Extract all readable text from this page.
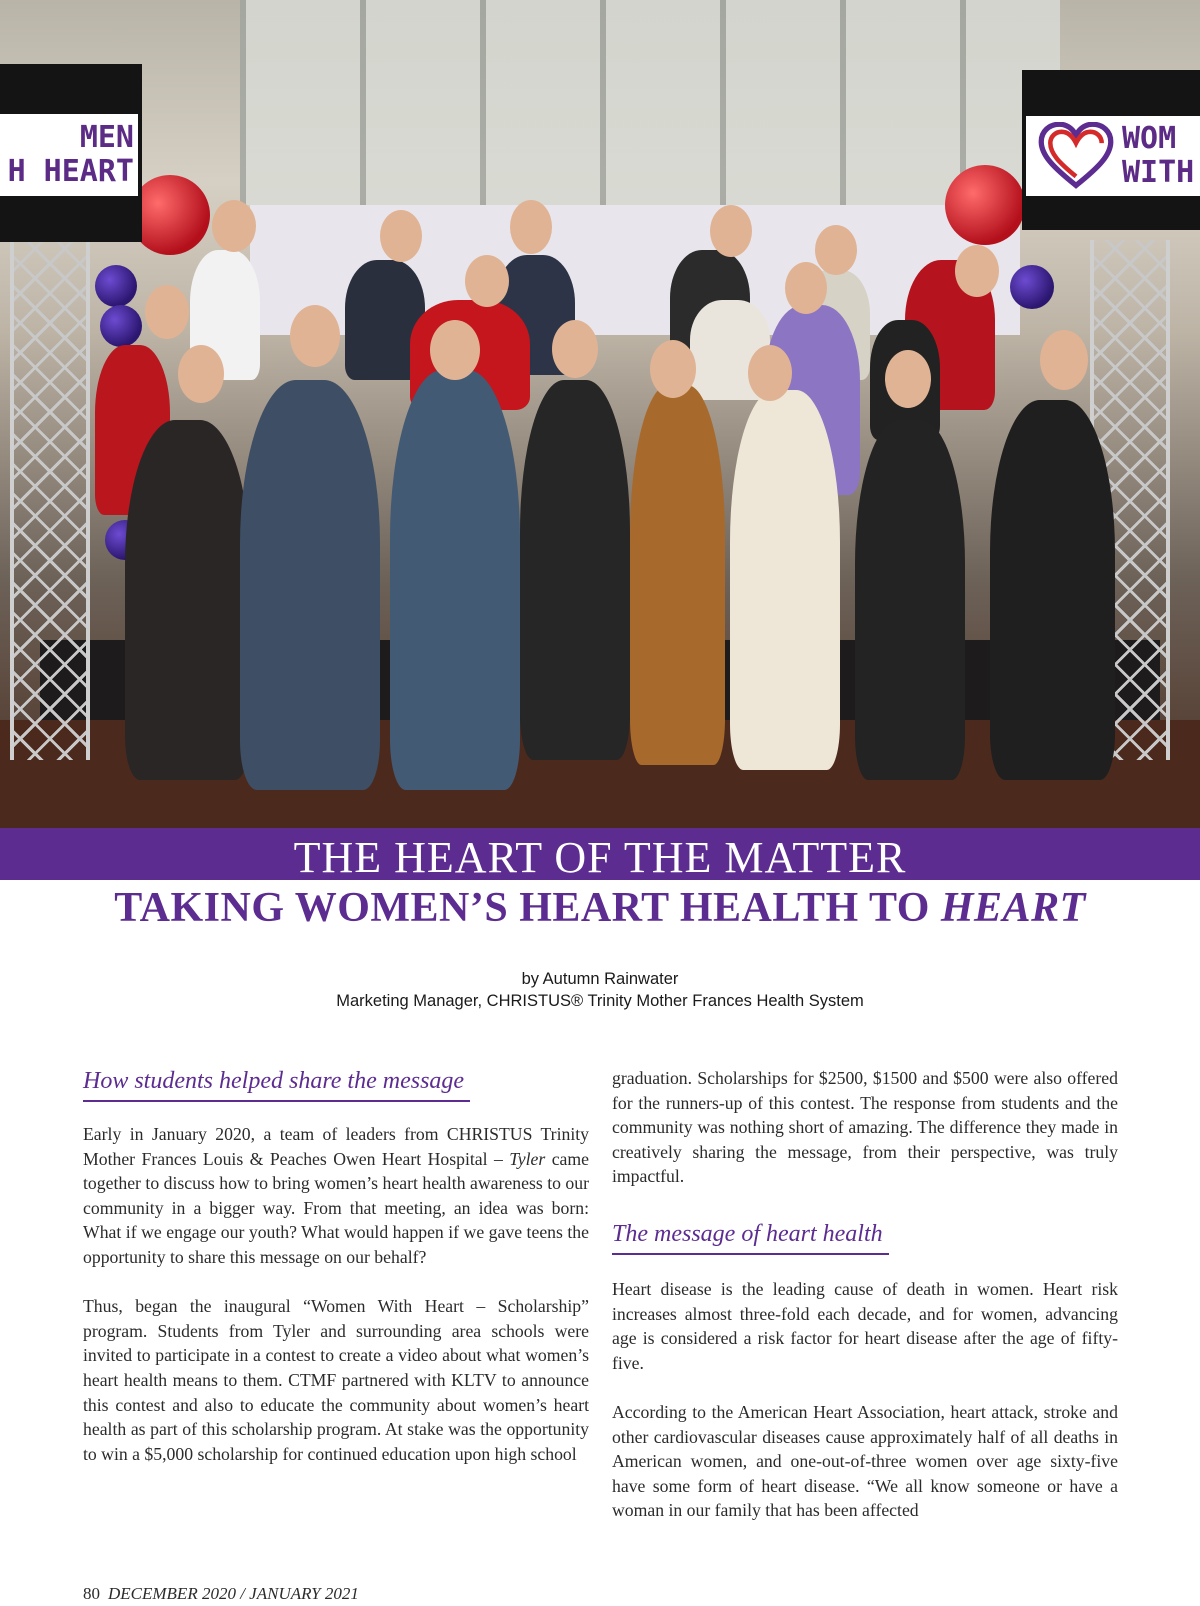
MEN
H HEART
WOM
WITH
THE HEART OF THE MATTER
TAKING WOMEN’S HEART HEALTH TO HEART
by Autumn Rainwater
Marketing Manager, CHRISTUS® Trinity Mother Frances Health System
How students helped share the message

Early in January 2020, a team of leaders from CHRISTUS Trinity Mother Frances Louis & Peaches Owen Heart Hospital – Tyler came together to discuss how to bring women’s heart health awareness to our community in a bigger way. From that meeting, an idea was born: What if we engage our youth? What would happen if we gave teens the opportunity to share this message on our behalf?

Thus, began the inaugural “Women With Heart – Scholarship” program. Students from Tyler and surrounding area schools were invited to participate in a contest to create a video about what women’s heart health means to them. CTMF partnered with KLTV to announce this contest and also to educate the community about women’s heart health as part of this scholarship program. At stake was the opportunity to win a $5,000 scholarship for continued education upon high school

graduation. Scholarships for $2500, $1500 and $500 were also offered for the runners-up of this contest. The response from students and the community was nothing short of amazing. The difference they made in creatively sharing the message, from their perspective, was truly impactful.

The message of heart health

Heart disease is the leading cause of death in women. Heart risk increases almost three-fold each decade, and for women, advancing age is considered a risk factor for heart disease after the age of fifty-five.

According to the American Heart Association, heart attack, stroke and other cardiovascular diseases cause approximately half of all deaths in American women, and one-out-of-three women over age sixty-five have some form of heart disease. “We all know someone or have a woman in our family that has been affected

80 DECEMBER 2020 / JANUARY 2021
